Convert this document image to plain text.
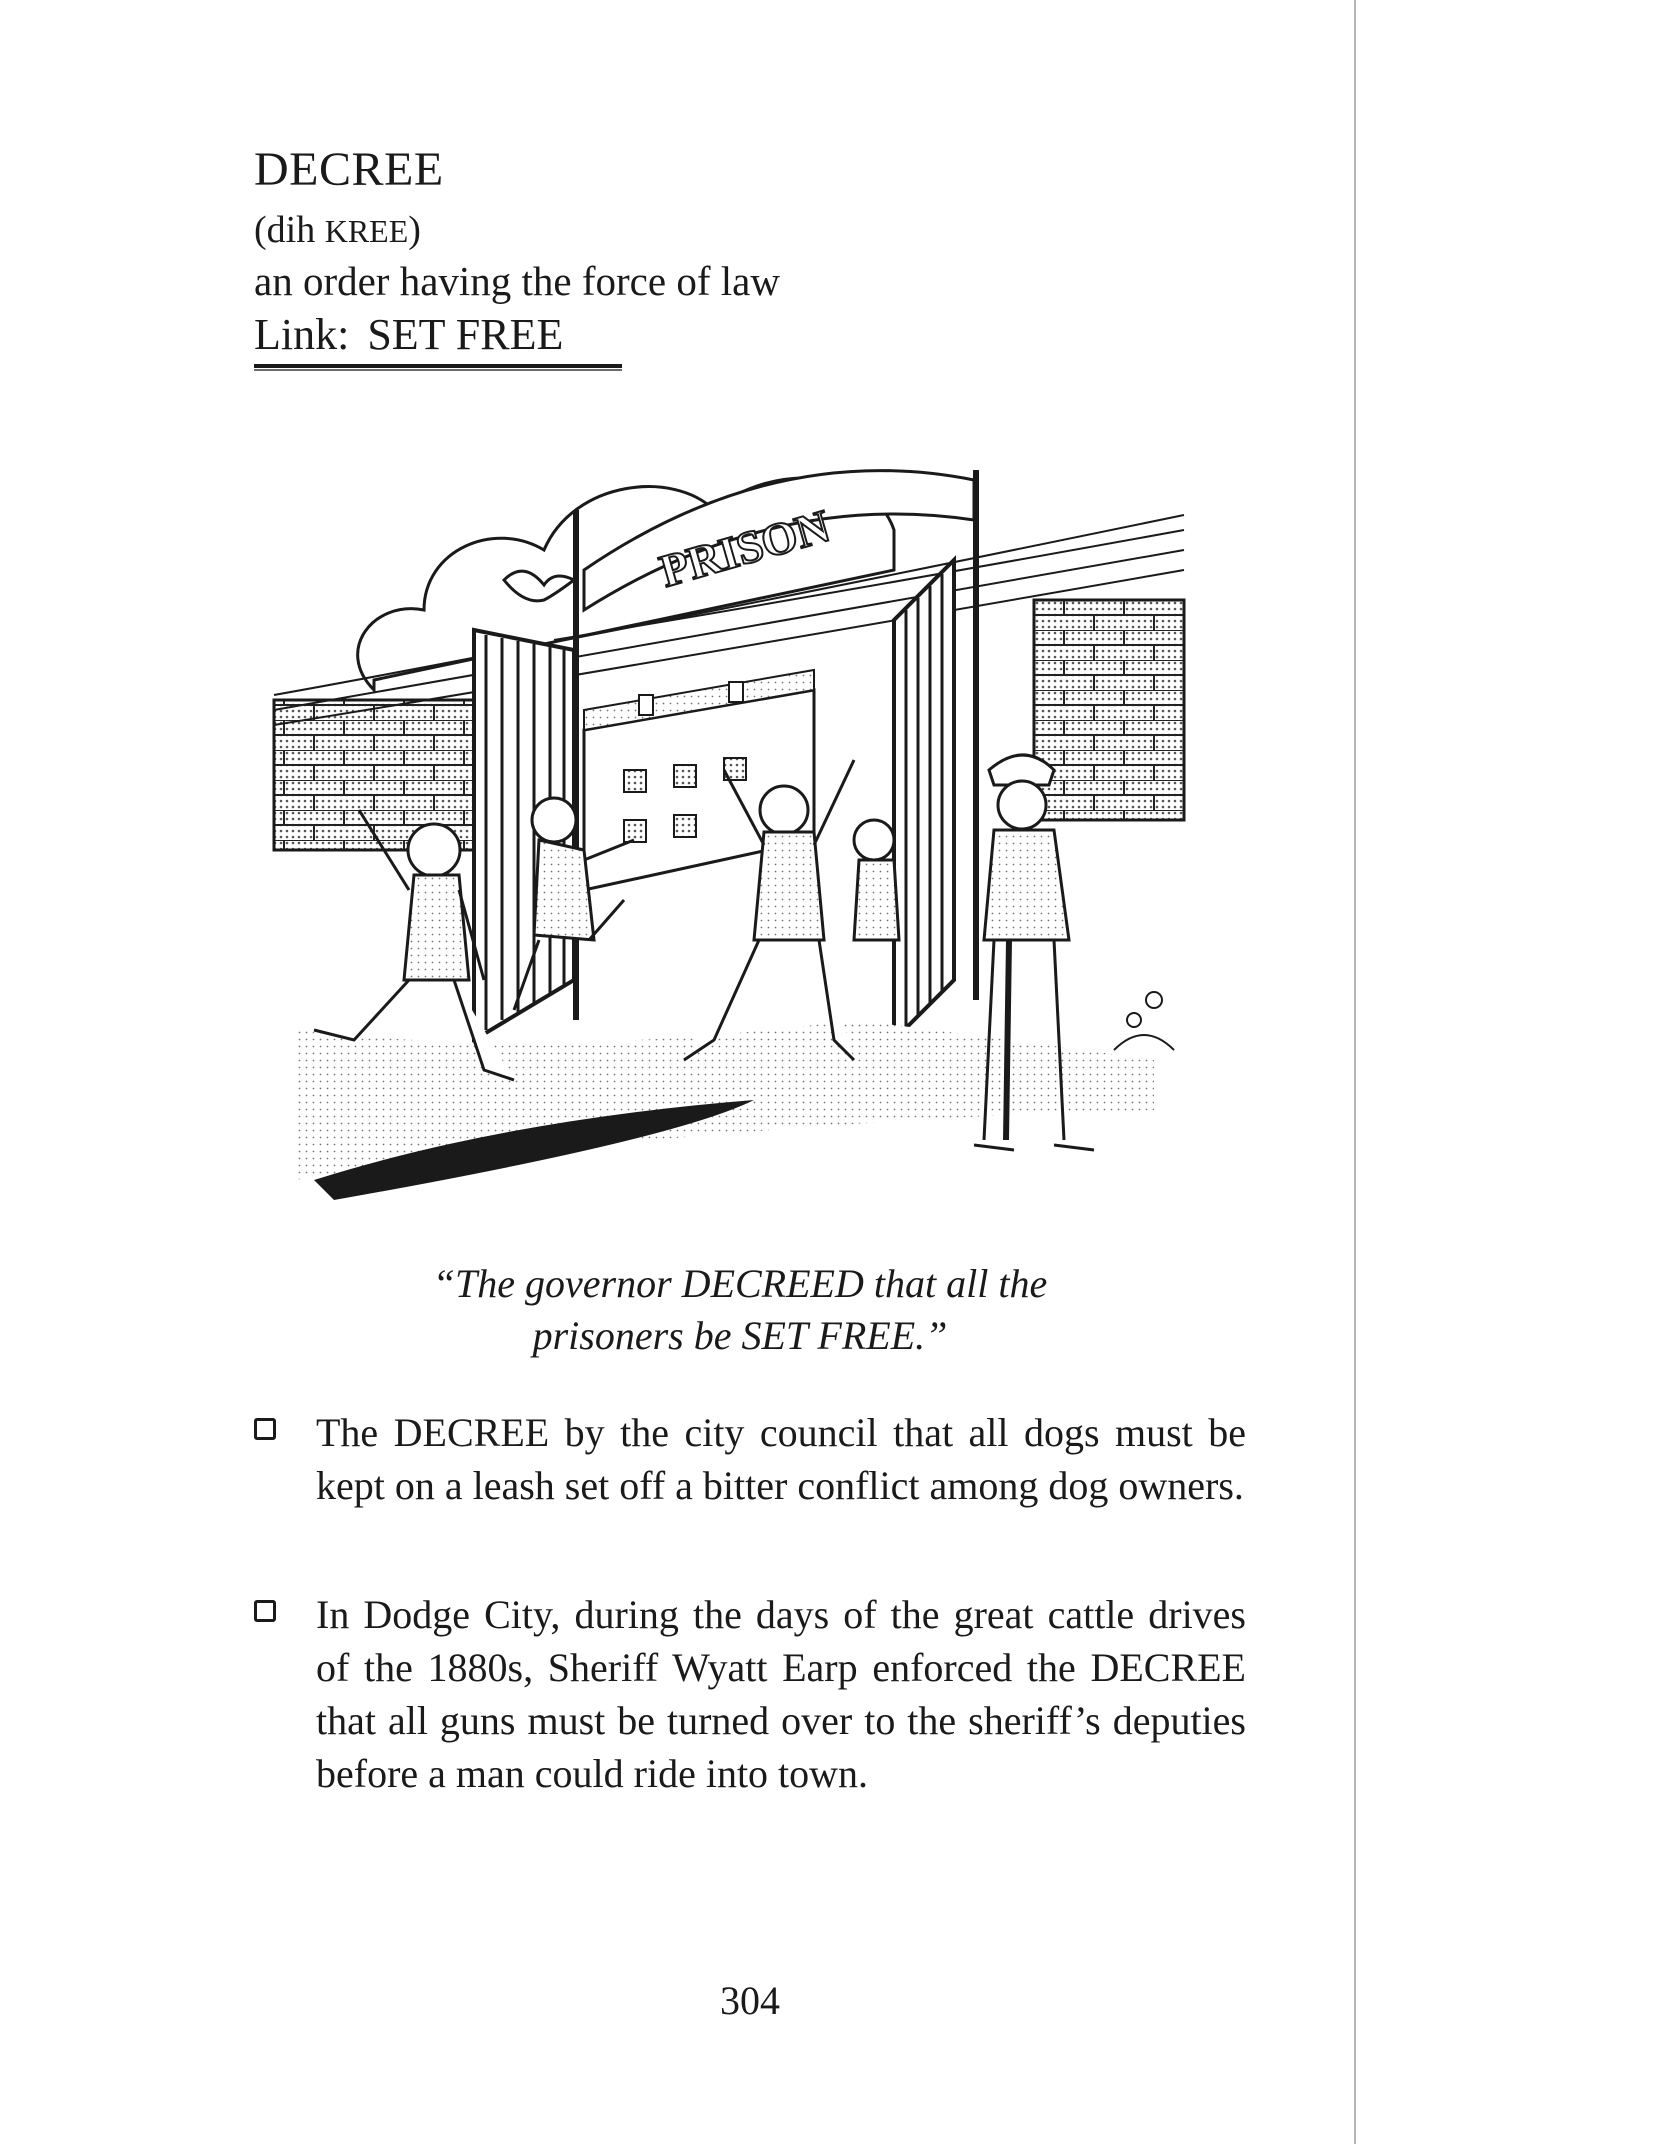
DECREE
(dih KREE)
an order having the force of law
Link: SET FREE
PRISON
“The governor DECREED that all the
prisoners be SET FREE.”
The DECREE by the city council that all dogs must be kept on a leash set off a bitter conflict among dog owners.
In Dodge City, during the days of the great cattle drives of the 1880s, Sheriff Wyatt Earp enforced the DECREE that all guns must be turned over to the sheriff’s deputies before a man could ride into town.
304
